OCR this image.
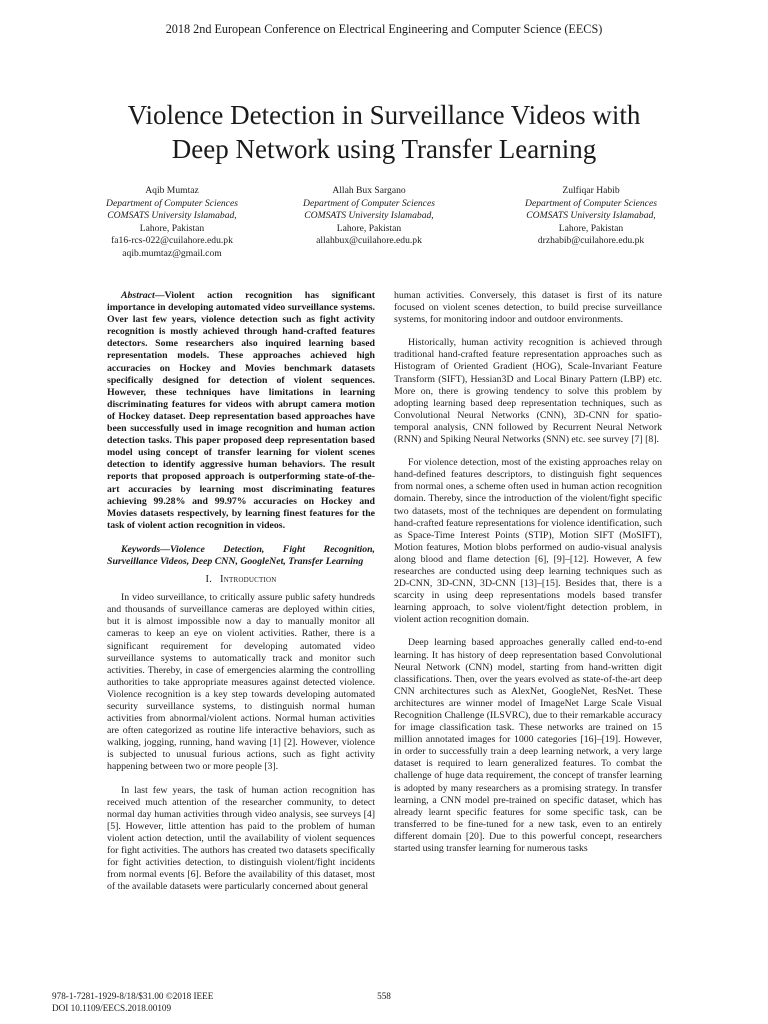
2018 2nd European Conference on Electrical Engineering and Computer Science (EECS)
Violence Detection in Surveillance Videos with
Deep Network using Transfer Learning
Aqib Mumtaz
Department of Computer Sciences
COMSATS University Islamabad,
Lahore, Pakistan
fa16-rcs-022@cuilahore.edu.pk
aqib.mumtaz@gmail.com
Allah Bux Sargano
Department of Computer Sciences
COMSATS University Islamabad,
Lahore, Pakistan
allahbux@cuilahore.edu.pk
Zulfiqar Habib
Department of Computer Sciences
COMSATS University Islamabad,
Lahore, Pakistan
drzhabib@cuilahore.edu.pk

Abstract—Violent action recognition has significant importance in developing automated video surveillance systems. Over last few years, violence detection such as fight activity recognition is mostly achieved through hand-crafted features detectors. Some researchers also inquired learning based representation models. These approaches achieved high accuracies on Hockey and Movies benchmark datasets specifically designed for detection of violent sequences. However, these techniques have limitations in learning discriminating features for videos with abrupt camera motion of Hockey dataset. Deep representation based approaches have been successfully used in image recognition and human action detection tasks. This paper proposed deep representation based model using concept of transfer learning for violent scenes detection to identify aggressive human behaviors. The result reports that proposed approach is outperforming state-of-the-art accuracies by learning most discriminating features achieving 99.28% and 99.97% accuracies on Hockey and Movies datasets respectively, by learning finest features for the task of violent action recognition in videos.

Keywords—Violence Detection, Fight Recognition, Surveillance Videos, Deep CNN, GoogleNet, Transfer Learning

I. Introduction

In video surveillance, to critically assure public safety hundreds and thousands of surveillance cameras are deployed within cities, but it is almost impossible now a day to manually monitor all cameras to keep an eye on violent activities. Rather, there is a significant requirement for developing automated video surveillance systems to automatically track and monitor such activities. Thereby, in case of emergencies alarming the controlling authorities to take appropriate measures against detected violence. Violence recognition is a key step towards developing automated security surveillance systems, to distinguish normal human activities from abnormal/violent actions. Normal human activities are often categorized as routine life interactive behaviors, such as walking, jogging, running, hand waving [1] [2]. However, violence is subjected to unusual furious actions, such as fight activity happening between two or more people [3].

In last few years, the task of human action recognition has received much attention of the researcher community, to detect normal day human activities through video analysis, see surveys [4] [5]. However, little attention has paid to the problem of human violent action detection, until the availability of violent sequences for fight activities. The authors has created two datasets specifically for fight activities detection, to distinguish violent/fight incidents from normal events [6]. Before the availability of this dataset, most of the available datasets were particularly concerned about general

human activities. Conversely, this dataset is first of its nature focused on violent scenes detection, to build precise surveillance systems, for monitoring indoor and outdoor environments.

Historically, human activity recognition is achieved through traditional hand-crafted feature representation approaches such as Histogram of Oriented Gradient (HOG), Scale-Invariant Feature Transform (SIFT), Hessian3D and Local Binary Pattern (LBP) etc. More on, there is growing tendency to solve this problem by adopting learning based deep representation techniques, such as Convolutional Neural Networks (CNN), 3D-CNN for spatio-temporal analysis, CNN followed by Recurrent Neural Network (RNN) and Spiking Neural Networks (SNN) etc. see survey [7] [8].

For violence detection, most of the existing approaches relay on hand-defined features descriptors, to distinguish fight sequences from normal ones, a scheme often used in human action recognition domain. Thereby, since the introduction of the violent/fight specific two datasets, most of the techniques are dependent on formulating hand-crafted feature representations for violence identification, such as Space-Time Interest Points (STIP), Motion SIFT (MoSIFT), Motion features, Motion blobs performed on audio-visual analysis along blood and flame detection [6], [9]–[12]. However, A few researches are conducted using deep learning techniques such as 2D-CNN, 3D-CNN, 3D-CNN [13]–[15]. Besides that, there is a scarcity in using deep representations models based transfer learning approach, to solve violent/fight detection problem, in violent action recognition domain.

Deep learning based approaches generally called end-to-end learning. It has history of deep representation based Convolutional Neural Network (CNN) model, starting from hand-written digit classifications. Then, over the years evolved as state-of-the-art deep CNN architectures such as AlexNet, GoogleNet, ResNet. These architectures are winner model of ImageNet Large Scale Visual Recognition Challenge (ILSVRC), due to their remarkable accuracy for image classification task. These networks are trained on 15 million annotated images for 1000 categories [16]–[19]. However, in order to successfully train a deep learning network, a very large dataset is required to learn generalized features. To combat the challenge of huge data requirement, the concept of transfer learning is adopted by many researchers as a promising strategy. In transfer learning, a CNN model pre-trained on specific dataset, which has already learnt specific features for some specific task, can be transferred to be fine-tuned for a new task, even to an entirely different domain [20]. Due to this powerful concept, researchers started using transfer learning for numerous tasks

978-1-7281-1929-8/18/$31.00 ©2018 IEEE
DOI 10.1109/EECS.2018.00109
558
